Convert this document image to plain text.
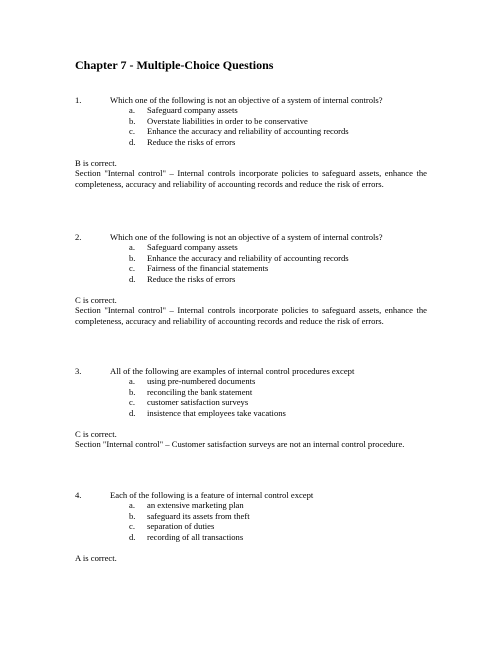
Chapter 7 - Multiple-Choice Questions
1.	Which one of the following is not an objective of a system of internal controls?
a. Safeguard company assets
b. Overstate liabilities in order to be conservative
c. Enhance the accuracy and reliability of accounting records
d. Reduce the risks of errors
B is correct.
Section "Internal control" – Internal controls incorporate policies to safeguard assets, enhance the completeness, accuracy and reliability of accounting records and reduce the risk of errors.
2.	Which one of the following is not an objective of a system of internal controls?
a. Safeguard company assets
b. Enhance the accuracy and reliability of accounting records
c. Fairness of the financial statements
d. Reduce the risks of errors
C is correct.
Section "Internal control" – Internal controls incorporate policies to safeguard assets, enhance the completeness, accuracy and reliability of accounting records and reduce the risk of errors.
3.	All of the following are examples of internal control procedures except
a. using pre-numbered documents
b. reconciling the bank statement
c. customer satisfaction surveys
d. insistence that employees take vacations
C is correct.
Section "Internal control" – Customer satisfaction surveys are not an internal control procedure.
4.	Each of the following is a feature of internal control except
a. an extensive marketing plan
b. safeguard its assets from theft
c. separation of duties
d. recording of all transactions
A is correct.
